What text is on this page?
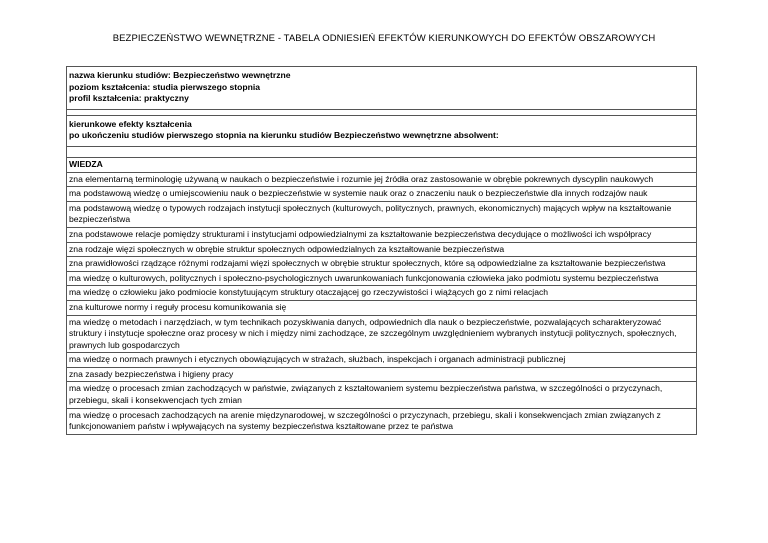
BEZPIECZEŃSTWO WEWNĘTRZNE - TABELA ODNIESIEŃ EFEKTÓW KIERUNKOWYCH DO EFEKTÓW OBSZAROWYCH
nazwa kierunku studiów: Bezpieczeństwo wewnętrzne
poziom kształcenia: studia pierwszego stopnia
profil kształcenia: praktyczny

kierunkowe efekty kształcenia
po ukończeniu studiów pierwszego stopnia na kierunku studiów Bezpieczeństwo wewnętrzne absolwent:

WIEDZA
zna elementarną terminologię używaną w naukach o bezpieczeństwie i rozumie jej źródła oraz zastosowanie w obrębie pokrewnych dyscyplin naukowych
ma podstawową wiedzę o umiejscowieniu nauk o bezpieczeństwie w systemie nauk oraz o znaczeniu nauk o bezpieczeństwie dla innych rodzajów nauk
ma podstawową wiedzę o typowych rodzajach instytucji społecznych (kulturowych, politycznych, prawnych, ekonomicznych) mających wpływ na kształtowanie bezpieczeństwa
zna podstawowe relacje pomiędzy strukturami i instytucjami odpowiedzialnymi za kształtowanie bezpieczeństwa decydujące o możliwości ich współpracy
zna rodzaje więzi społecznych w obrębie struktur społecznych odpowiedzialnych za kształtowanie bezpieczeństwa
zna prawidłowości rządzące różnymi rodzajami więzi społecznych w obrębie struktur społecznych, które są odpowiedzialne za kształtowanie bezpieczeństwa
ma wiedzę o kulturowych, politycznych i społeczno-psychologicznych uwarunkowaniach funkcjonowania człowieka jako podmiotu systemu bezpieczeństwa
ma wiedzę o człowieku jako podmiocie konstytuującym struktury otaczającej go rzeczywistości i wiążących go z nimi relacjach
zna kulturowe normy i reguły procesu komunikowania się
ma wiedzę o metodach i narzędziach, w tym technikach pozyskiwania danych, odpowiednich dla nauk o bezpieczeństwie, pozwalających scharakteryzować struktury i instytucje społeczne oraz procesy w nich i między nimi zachodzące, ze szczególnym uwzględnieniem wybranych instytucji politycznych, społecznych, prawnych lub gospodarczych
ma wiedzę o normach prawnych i etycznych obowiązujących w strażach, służbach, inspekcjach i organach administracji publicznej
zna zasady bezpieczeństwa i higieny pracy
ma wiedzę o procesach zmian zachodzących w państwie, związanych z kształtowaniem systemu bezpieczeństwa państwa, w szczególności o przyczynach, przebiegu, skali i konsekwencjach tych zmian
ma wiedzę o procesach zachodzących na arenie międzynarodowej, w szczególności o przyczynach, przebiegu, skali i konsekwencjach zmian związanych z funkcjonowaniem państw i wpływających na systemy bezpieczeństwa kształtowane przez te państwa
